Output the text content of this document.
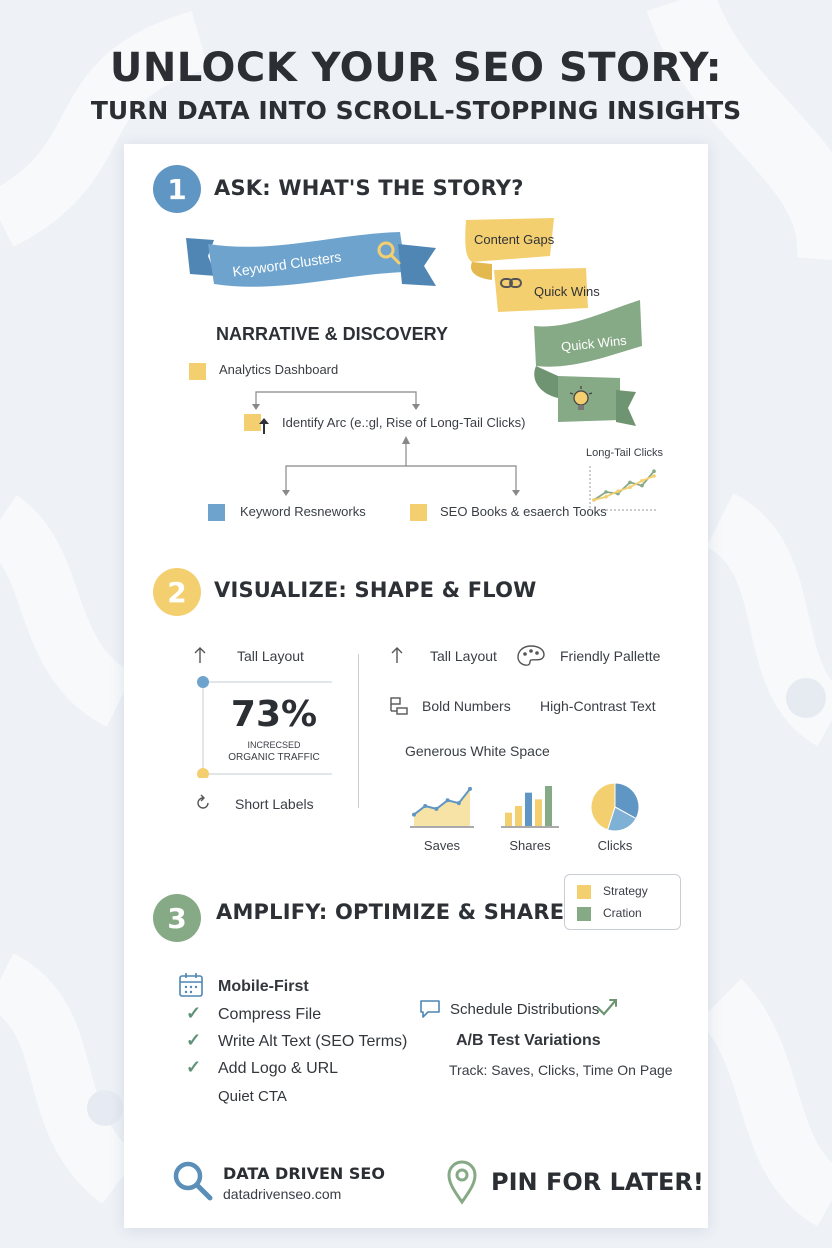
UNLOCK YOUR SEO STORY:
TURN DATA INTO SCROLL-STOPPING INSIGHTS
1	ASK: WHAT'S THE STORY?
Keyword Clusters
Content Gaps
Quick Wins
Quick Wins
NARRATIVE & DISCOVERY
Analytics Dashboard
Identify Arc (e.:gl, Rise of Long-Tail Clicks)
Keyword Resneworks	SEO Books & esaerch Tooks
Long-Tail Clicks
2	VISUALIZE: SHAPE & FLOW
Tall Layout
73%
INCRECSED
ORGANIC TRAFFIC
Short Labels
Tall Layout	Friendly Pallette
Bold Numbers High-Contrast Text
Generous White Space
Saves	Shares	Clicks
3	AMPLIFY: OPTIMIZE & SHARE
Strategy
Cration
Mobile-First
✓ Compress File
✓ Write Alt Text (SEO Terms)
✓ Add Logo & URL
Quiet CTA
Schedule Distributions
A/B Test Variations
Track: Saves, Clicks, Time On Page
DATA DRIVEN SEO
datadrivenseo.com	PIN FOR LATER!
